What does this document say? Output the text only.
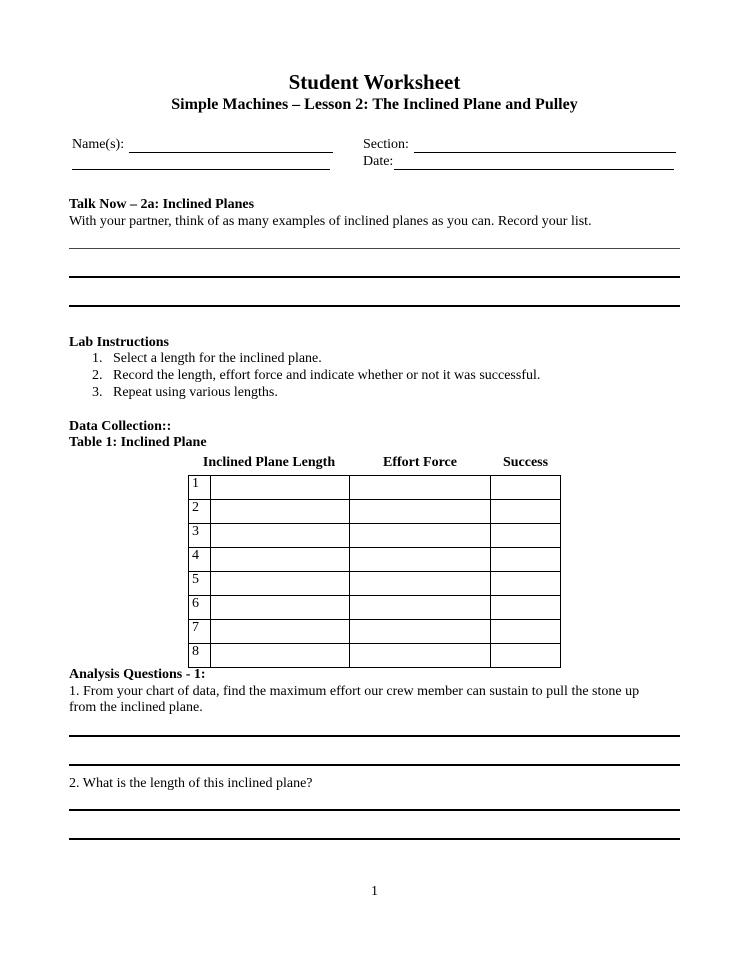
Student Worksheet
Simple Machines – Lesson 2: The Inclined Plane and Pulley
Name(s):	Section:
Date:
Talk Now – 2a: Inclined Planes
With your partner, think of as many examples of inclined planes as you can. Record your list.
Lab Instructions
1. Select a length for the inclined plane.
2. Record the length, effort force and indicate whether or not it was successful.
3. Repeat using various lengths.
Data Collection::
Table 1: Inclined Plane
Inclined Plane Length		Effort Force	Success
1			
2			
3			
4			
5			
6			
7			
8			
Analysis Questions - 1:
1. From your chart of data, find the maximum effort our crew member can sustain to pull the stone up
from the inclined plane.
2. What is the length of this inclined plane?
1
